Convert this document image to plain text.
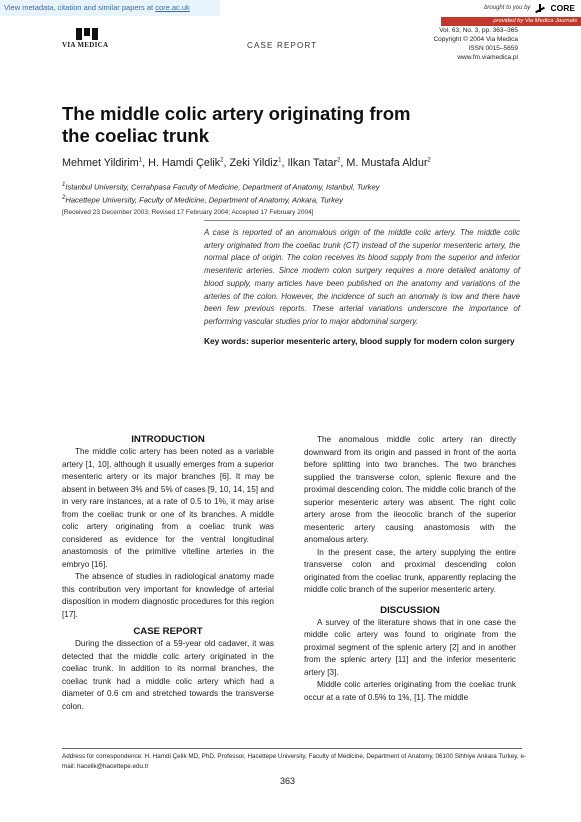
View metadata, citation and similar papers at core.ac.uk	brought to you by CORE
provided by Via Medica Journals
VIA MEDICA	CASE REPORT
Vol. 63, No. 3, pp. 363–365
Copyright © 2004 Via Medica
ISSN 0015–5659
www.fm.viamedica.pl
The middle colic artery originating from the coeliac trunk
Mehmet Yildirim$^1$, H. Hamdi Çelik$^2$, Zeki Yildiz$^1$, Ilkan Tatar$^2$, M. Mustafa Aldur$^2$
$^1$Istanbul University, Cerrahpasa Faculty of Medicine, Department of Anatomy, Istanbul, Turkey
$^2$Hacettepe University, Faculty of Medicine, Department of Anatomy, Ankara, Turkey
[Received 23 December 2003; Revised 17 February 2004; Accepted 17 February 2004]
A case is reported of an anomalous origin of the middle colic artery. The middle colic artery originated from the coeliac trunk (CT) instead of the superior mesenteric artery, the normal place of origin. The colon receives its blood supply from the superior and inferior mesenteric arteries. Since modern colon surgery requires a more detailed anatomy of blood supply, many articles have been published on the anatomy and variations of the arteries of the colon. However, the incidence of such an anomaly is low and there have been few previous reports. These arterial variations underscore the importance of performing vascular studies prior to major abdominal surgery.
Key words: superior mesenteric artery, blood supply for modern colon surgery
INTRODUCTION

The middle colic artery has been noted as a variable artery [1, 10], although it usually emerges from a superior mesenteric artery or its major branches [6]. It may be absent in between 3% and 5% of cases [9, 10, 14, 15] and in very rare instances, at a rate of 0.5 to 1%, it may arise from the coeliac trunk or one of its branches. A middle colic artery originating from a coeliac trunk was considered as evidence for the ventral longitudinal anastomosis of the primitive vitelline arteries in the embryo [16].

The absence of studies in radiological anatomy made this contribution very important for knowledge of arterial disposition in modern diagnostic procedures for this region [17].

CASE REPORT

During the dissection of a 59-year old cadaver, it was detected that the middle colic artery originated in the coeliac trunk. In addition to its normal branches, the coeliac trunk had a middle colic artery which had a diameter of 0.6 cm and stretched towards the transverse colon.

The anomalous middle colic artery ran directly downward from its origin and passed in front of the aorta before splitting into two branches. The two branches supplied the transverse colon, splenic flexure and the proximal descending colon. The middle colic branch of the superior mesenteric artery was absent. The right colic artery arose from the ileocolic branch of the superior mesenteric artery causing anastomosis with the anomalous artery.

In the present case, the artery supplying the entire transverse colon and proximal descending colon originated from the coeliac trunk, apparently replacing the middle colic branch of the superior mesenteric artery.

DISCUSSION

A survey of the literature shows that in one case the middle colic artery was found to originate from the proximal segment of the splenic artery [2] and in another from the splenic artery [11] and the inferior mesenteric artery [3].

Middle colic arteries originating from the coeliac trunk occur at a rate of 0.5% to 1%, [1]. The middle

Address for correspondence: H. Hamdi Çelik MD, PhD, Professor, Hacettepe University, Faculty of Medicine, Department of Anatomy, 06100 Sihhiye Ankara Turkey, e-mail: hacelik@hacettepe.edu.tr
363
